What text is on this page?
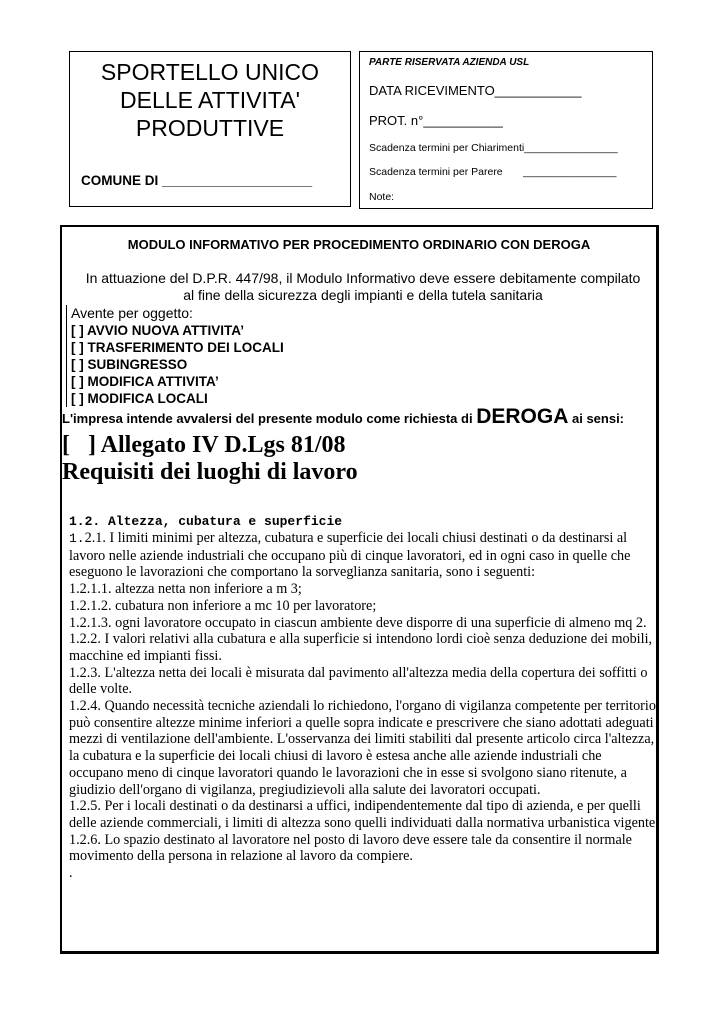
SPORTELLO UNICO
DELLE ATTIVITA'
PRODUTTIVE
COMUNE DI ____________________
PARTE RISERVATA AZIENDA USL
DATA RICEVIMENTO____________
PROT. n°___________
Scadenza termini per Chiarimenti________________
Scadenza termini per Parere       ________________
Note:
MODULO INFORMATIVO PER PROCEDIMENTO ORDINARIO CON DEROGA
In attuazione del D.P.R. 447/98, il Modulo Informativo deve essere debitamente compilato
al fine della sicurezza degli impianti e della tutela sanitaria
Avente per oggetto:
[ ] AVVIO NUOVA ATTIVITA’
[ ] TRASFERIMENTO DEI LOCALI
[ ] SUBINGRESSO
[ ] MODIFICA ATTIVITA’
[ ] MODIFICA LOCALI
L'impresa intende avvalersi del presente modulo come richiesta di DEROGA ai sensi:
[   ] Allegato IV D.Lgs 81/08
Requisiti dei luoghi di lavoro
1.2. Altezza, cubatura e superficie

1.2.1. I limiti minimi per altezza, cubatura e superficie dei locali chiusi destinati o da destinarsi al lavoro nelle aziende industriali che occupano più di cinque lavoratori, ed in ogni caso in quelle che eseguono le lavorazioni che comportano la sorveglianza sanitaria, sono i seguenti:

1.2.1.1. altezza netta non inferiore a m 3;

1.2.1.2. cubatura non inferiore a mc 10 per lavoratore;

1.2.1.3. ogni lavoratore occupato in ciascun ambiente deve disporre di una superficie di almeno mq 2.

1.2.2. I valori relativi alla cubatura e alla superficie si intendono lordi cioè senza deduzione dei mobili, macchine ed impianti fissi.

1.2.3. L'altezza netta dei locali è misurata dal pavimento all'altezza media della copertura dei soffitti o delle volte.

1.2.4. Quando necessità tecniche aziendali lo richiedono, l'organo di vigilanza competente per territorio può consentire altezze minime inferiori a quelle sopra indicate e prescrivere che siano adottati adeguati mezzi di ventilazione dell'ambiente. L'osservanza dei limiti stabiliti dal presente articolo circa l'altezza, la cubatura e la superficie dei locali chiusi di lavoro è estesa anche alle aziende industriali che occupano meno di cinque lavoratori quando le lavorazioni che in esse si svolgono siano ritenute, a giudizio dell'organo di vigilanza, pregiudizievoli alla salute dei lavoratori occupati.

1.2.5. Per i locali destinati o da destinarsi a uffici, indipendentemente dal tipo di azienda, e per quelli delle aziende commerciali, i limiti di altezza sono quelli individuati dalla normativa urbanistica vigente.

1.2.6. Lo spazio destinato al lavoratore nel posto di lavoro deve essere tale da consentire il normale movimento della persona in relazione al lavoro da compiere.

.
